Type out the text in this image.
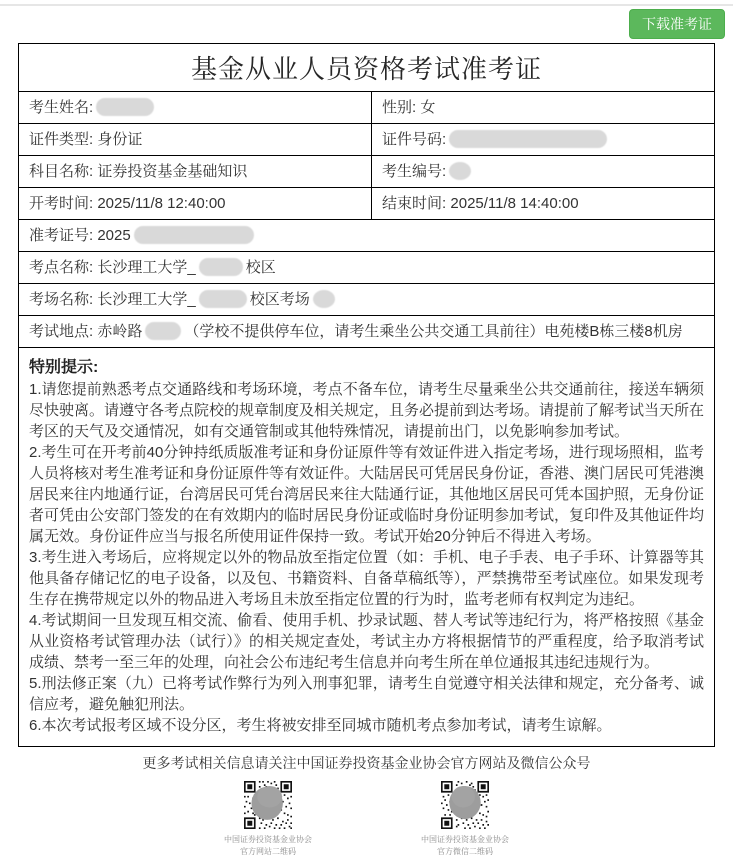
下载准考证
基金从业人员资格考试准考证
考生姓名:	性别: 女
证件类型: 身份证	证件号码:
科目名称: 证券投资基金基础知识	考生编号:
开考时间: 2025/11/8 12:40:00	结束时间: 2025/11/8 14:40:00
准考证号: 2025
考点名称: 长沙理工大学_	校区
考场名称: 长沙理工大学_	校区考场
考试地点: 赤岭路	（学校不提供停车位，请考生乘坐公共交通工具前往）电苑楼B栋三楼8机房
特别提示:

1.请您提前熟悉考点交通路线和考场环境，考点不备车位，请考生尽量乘坐公共交通前往，接送车辆须尽快驶离。请遵守各考点院校的规章制度及相关规定，且务必提前到达考场。请提前了解考试当天所在考区的天气及交通情况，如有交通管制或其他特殊情况，请提前出门，以免影响参加考试。

2.考生可在开考前40分钟持纸质版准考证和身份证原件等有效证件进入指定考场，进行现场照相，监考人员将核对考生准考证和身份证原件等有效证件。大陆居民可凭居民身份证，香港、澳门居民可凭港澳居民来往内地通行证，台湾居民可凭台湾居民来往大陆通行证，其他地区居民可凭本国护照，无身份证者可凭由公安部门签发的在有效期内的临时居民身份证或临时身份证明参加考试，复印件及其他证件均属无效。身份证件应当与报名所使用证件保持一致。考试开始20分钟后不得进入考场。

3.考生进入考场后，应将规定以外的物品放至指定位置（如：手机、电子手表、电子手环、计算器等其他具备存储记忆的电子设备，以及包、书籍资料、自备草稿纸等），严禁携带至考试座位。如果发现考生存在携带规定以外的物品进入考场且未放至指定位置的行为时，监考老师有权判定为违纪。

4.考试期间一旦发现互相交流、偷看、使用手机、抄录试题、替人考试等违纪行为，将严格按照《基金从业资格考试管理办法（试行）》的相关规定查处，考试主办方将根据情节的严重程度，给予取消考试成绩、禁考一至三年的处理，向社会公布违纪考生信息并向考生所在单位通报其违纪违规行为。

5.刑法修正案（九）已将考试作弊行为列入刑事犯罪，请考生自觉遵守相关法律和规定，充分备考、诚信应考，避免触犯刑法。

6.本次考试报考区域不设分区，考生将被安排至同城市随机考点参加考试，请考生谅解。

更多考试相关信息请关注中国证券投资基金业协会官方网站及微信公众号
中国证券投资基金业协会
官方网站二维码
中国证券投资基金业协会
官方微信二维码
